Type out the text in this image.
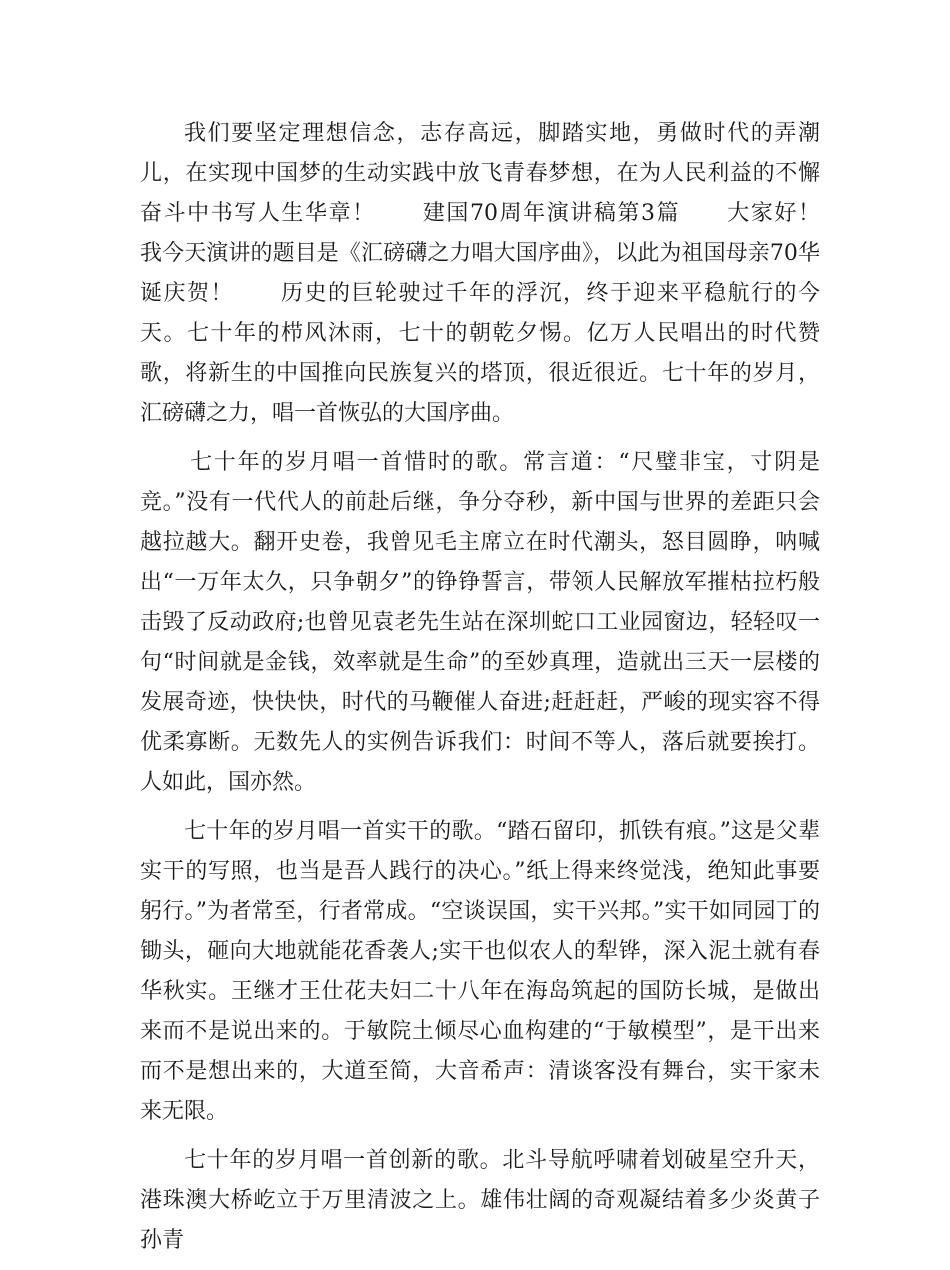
我们要坚定理想信念，志存高远，脚踏实地，勇做时代的弄潮儿，在实现中国梦的生动实践中放飞青春梦想，在为人民利益的不懈奋斗中书写人生华章！　　建国70周年演讲稿第3篇　　大家好！　　我今天演讲的题目是《汇磅礴之力唱大国序曲》，以此为祖国母亲70华诞庆贺！　　历史的巨轮驶过千年的浮沉，终于迎来平稳航行的今天。七十年的栉风沐雨，七十的朝乾夕惕。亿万人民唱出的时代赞歌，将新生的中国推向民族复兴的塔顶，很近很近。七十年的岁月，汇磅礴之力，唱一首恢弘的大国序曲。

七十年的岁月唱一首惜时的歌。常言道：“尺璧非宝，寸阴是竞。”没有一代代人的前赴后继，争分夺秒，新中国与世界的差距只会越拉越大。翻开史卷，我曾见毛主席立在时代潮头，怒目圆睁，呐喊出“一万年太久，只争朝夕”的铮铮誓言，带领人民解放军摧枯拉朽般击毁了反动政府;也曾见袁老先生站在深圳蛇口工业园窗边，轻轻叹一句“时间就是金钱，效率就是生命”的至妙真理，造就出三天一层楼的发展奇迹，快快快，时代的马鞭催人奋进;赶赶赶，严峻的现实容不得优柔寡断。无数先人的实例告诉我们：时间不等人，落后就要挨打。人如此，国亦然。

七十年的岁月唱一首实干的歌。“踏石留印，抓铁有痕。”这是父辈实干的写照，也当是吾人践行的决心。”纸上得来终觉浅，绝知此事要躬行。”为者常至，行者常成。“空谈误国，实干兴邦。”实干如同园丁的锄头，砸向大地就能花香袭人;实干也似农人的犁铧，深入泥土就有春华秋实。王继才王仕花夫妇二十八年在海岛筑起的国防长城，是做出来而不是说出来的。于敏院土倾尽心血构建的“于敏模型”，是干出来而不是想出来的，大道至简，大音希声：清谈客没有舞台，实干家未来无限。

七十年的岁月唱一首创新的歌。北斗导航呼啸着划破星空升天，港珠澳大桥屹立于万里清波之上。雄伟壮阔的奇观凝结着多少炎黄子孙青
